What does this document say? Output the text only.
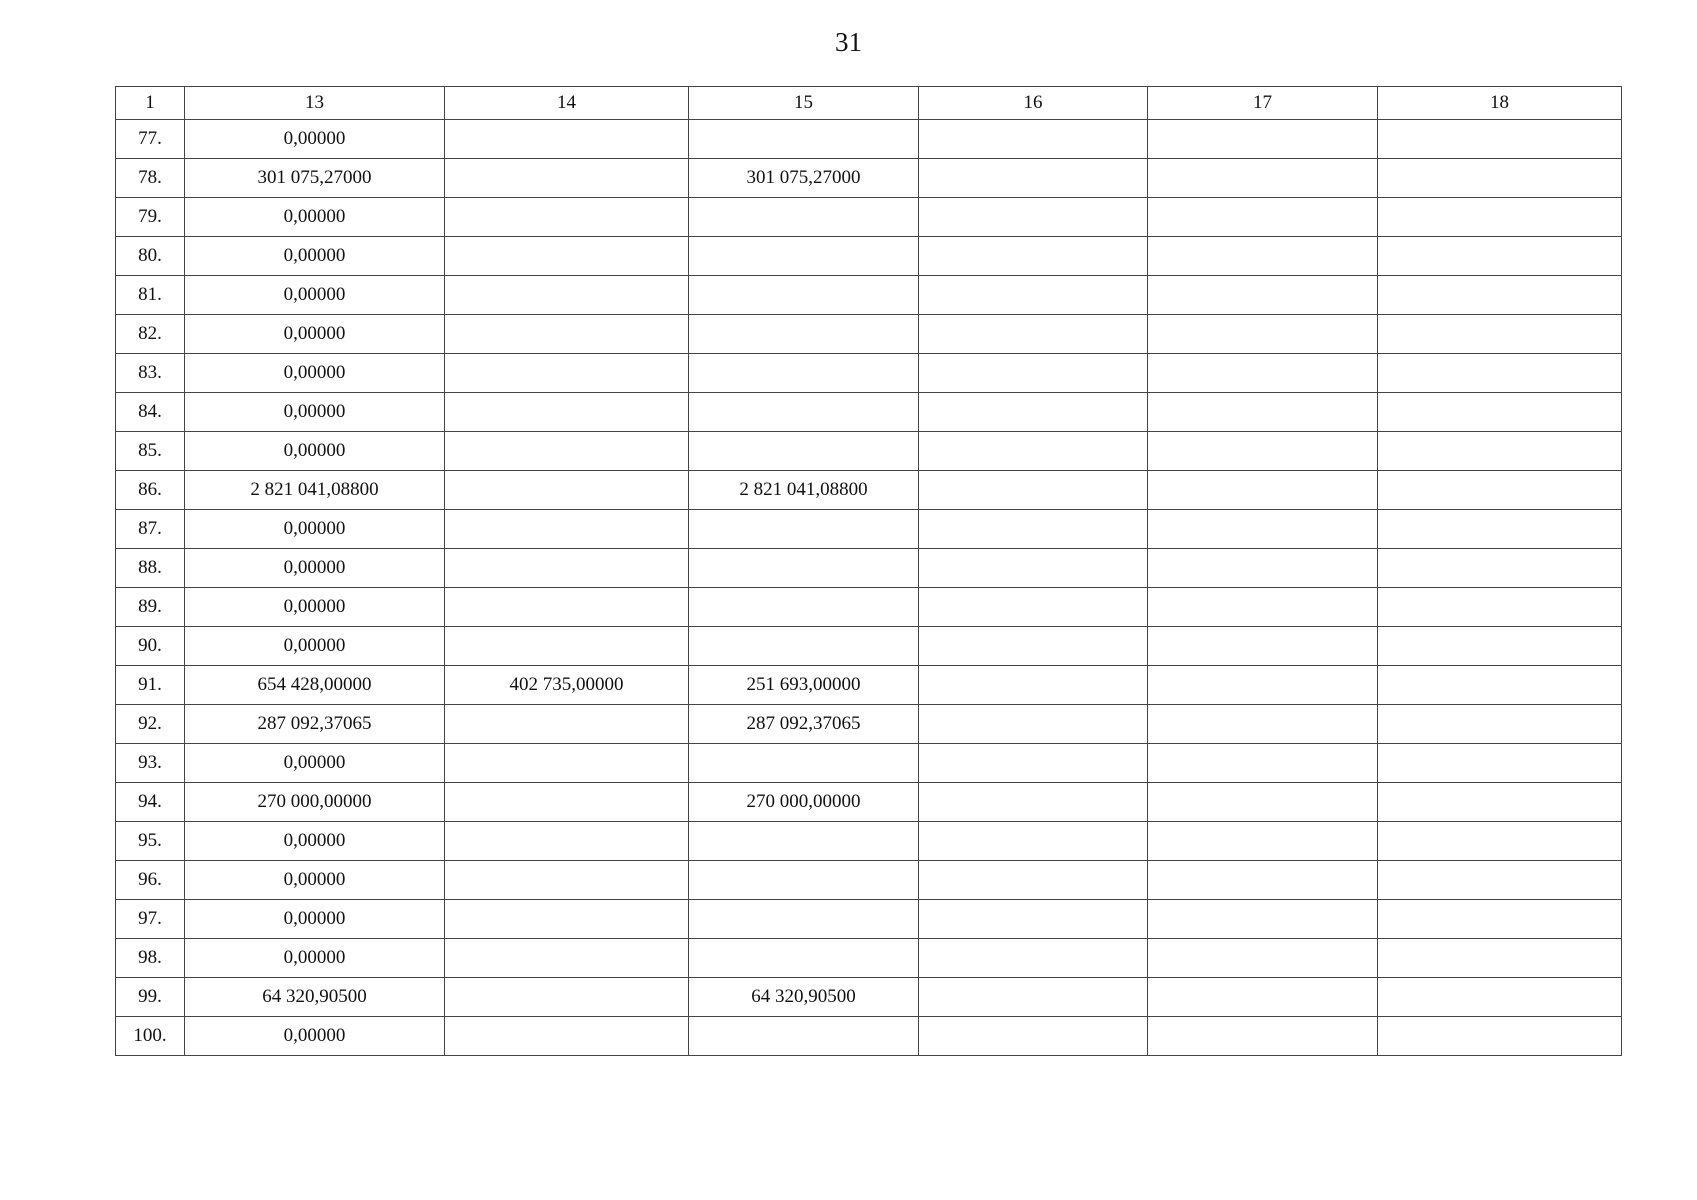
31
1	13	14	15	16	17	18
77.	0,00000					
78.	301 075,27000		301 075,27000			
79.	0,00000					
80.	0,00000					
81.	0,00000					
82.	0,00000					
83.	0,00000					
84.	0,00000					
85.	0,00000					
86.	2 821 041,08800		2 821 041,08800			
87.	0,00000					
88.	0,00000					
89.	0,00000					
90.	0,00000					
91.	654 428,00000	402 735,00000	251 693,00000			
92.	287 092,37065		287 092,37065			
93.	0,00000					
94.	270 000,00000		270 000,00000			
95.	0,00000					
96.	0,00000					
97.	0,00000					
98.	0,00000					
99.	64 320,90500		64 320,90500			
100.	0,00000					
